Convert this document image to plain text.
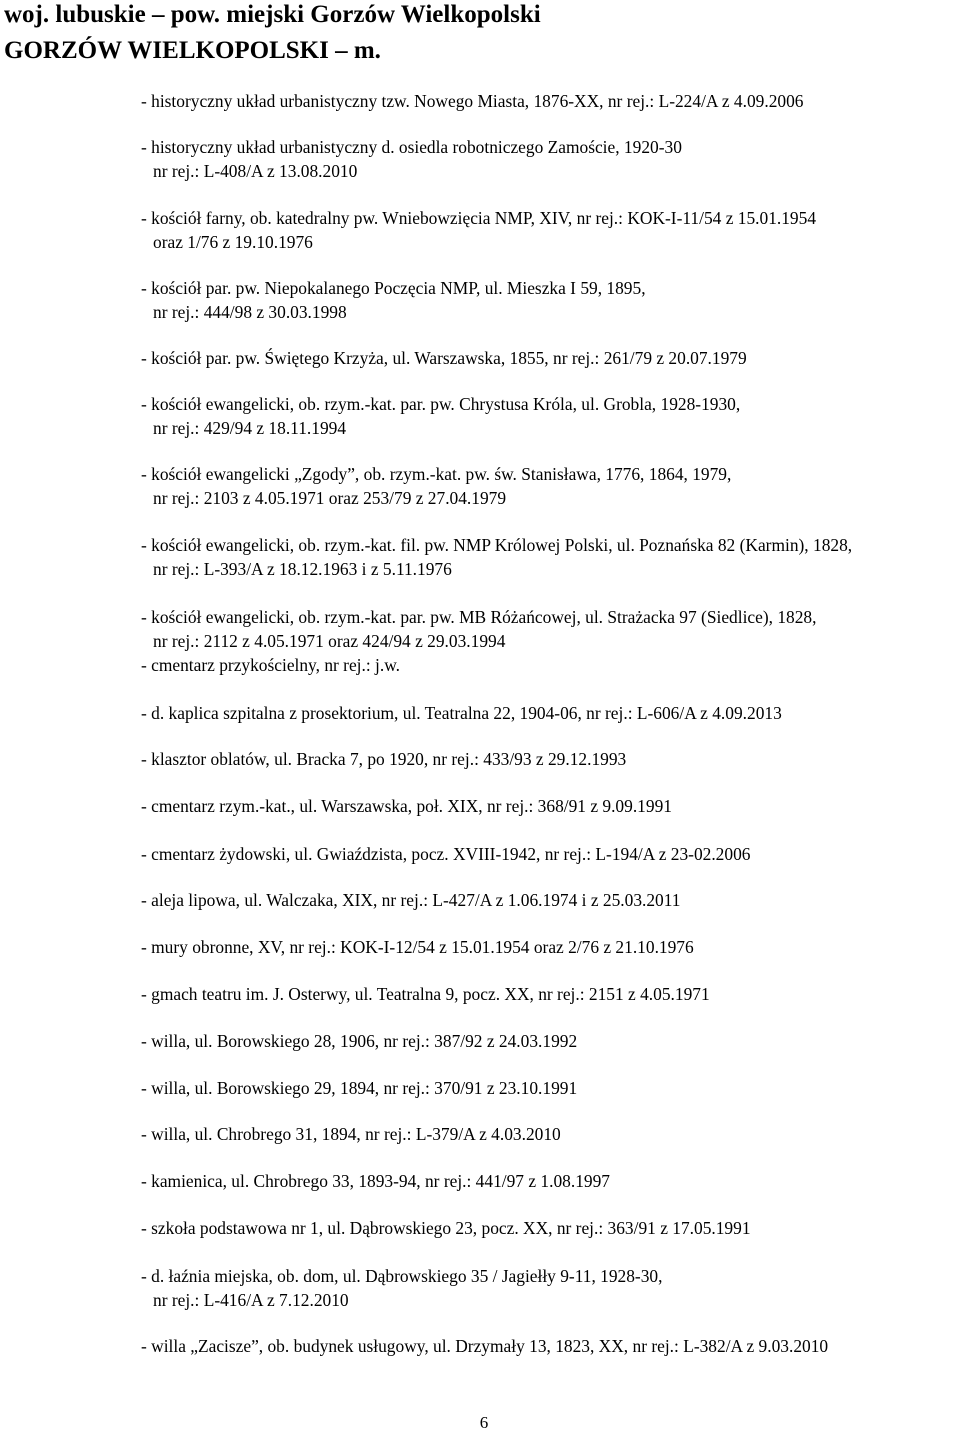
woj. lubuskie – pow. miejski Gorzów Wielkopolski
GORZÓW WIELKOPOLSKI – m.
- historyczny układ urbanistyczny tzw. Nowego Miasta, 1876-XX, nr rej.: L-224/A z 4.09.2006
- historyczny układ urbanistyczny d. osiedla robotniczego Zamoście, 1920-30
nr rej.: L-408/A z 13.08.2010
- kościół farny, ob. katedralny pw. Wniebowzięcia NMP, XIV, nr rej.: KOK-I-11/54 z 15.01.1954
oraz 1/76 z 19.10.1976
- kościół par. pw. Niepokalanego Poczęcia NMP, ul. Mieszka I 59, 1895,
nr rej.: 444/98 z 30.03.1998
- kościół par. pw. Świętego Krzyża, ul. Warszawska, 1855, nr rej.: 261/79 z 20.07.1979
- kościół ewangelicki, ob. rzym.-kat. par. pw. Chrystusa Króla, ul. Grobla, 1928-1930,
nr rej.: 429/94 z 18.11.1994
- kościół ewangelicki „Zgody”, ob. rzym.-kat. pw. św. Stanisława, 1776, 1864, 1979,
nr rej.: 2103 z 4.05.1971 oraz 253/79 z 27.04.1979
- kościół ewangelicki, ob. rzym.-kat. fil. pw. NMP Królowej Polski, ul. Poznańska 82 (Karmin), 1828,
nr rej.: L-393/A z 18.12.1963 i z 5.11.1976
- kościół ewangelicki, ob. rzym.-kat. par. pw. MB Różańcowej, ul. Strażacka 97 (Siedlice), 1828,
nr rej.: 2112 z 4.05.1971 oraz 424/94 z 29.03.1994
- cmentarz przykościelny, nr rej.: j.w.
- d. kaplica szpitalna z prosektorium, ul. Teatralna 22, 1904-06, nr rej.: L-606/A z 4.09.2013
- klasztor oblatów, ul. Bracka 7, po 1920, nr rej.: 433/93 z 29.12.1993
- cmentarz rzym.-kat., ul. Warszawska, poł. XIX, nr rej.: 368/91 z 9.09.1991
- cmentarz żydowski, ul. Gwiaździsta, pocz. XVIII-1942, nr rej.: L-194/A z 23-02.2006
- aleja lipowa, ul. Walczaka, XIX, nr rej.: L-427/A z 1.06.1974 i z 25.03.2011
- mury obronne, XV, nr rej.: KOK-I-12/54 z 15.01.1954 oraz 2/76 z 21.10.1976
- gmach teatru im. J. Osterwy, ul. Teatralna 9, pocz. XX, nr rej.: 2151 z 4.05.1971
- willa, ul. Borowskiego 28, 1906, nr rej.: 387/92 z 24.03.1992
- willa, ul. Borowskiego 29, 1894, nr rej.: 370/91 z 23.10.1991
- willa, ul. Chrobrego 31, 1894, nr rej.: L-379/A z 4.03.2010
- kamienica, ul. Chrobrego 33, 1893-94, nr rej.: 441/97 z 1.08.1997
- szkoła podstawowa nr 1, ul. Dąbrowskiego 23, pocz. XX, nr rej.: 363/91 z 17.05.1991
- d. łaźnia miejska, ob. dom, ul. Dąbrowskiego 35 / Jagiełły 9-11, 1928-30,
nr rej.: L-416/A z 7.12.2010
- willa „Zacisze”, ob. budynek usługowy, ul. Drzymały 13, 1823, XX, nr rej.: L-382/A z 9.03.2010
6
